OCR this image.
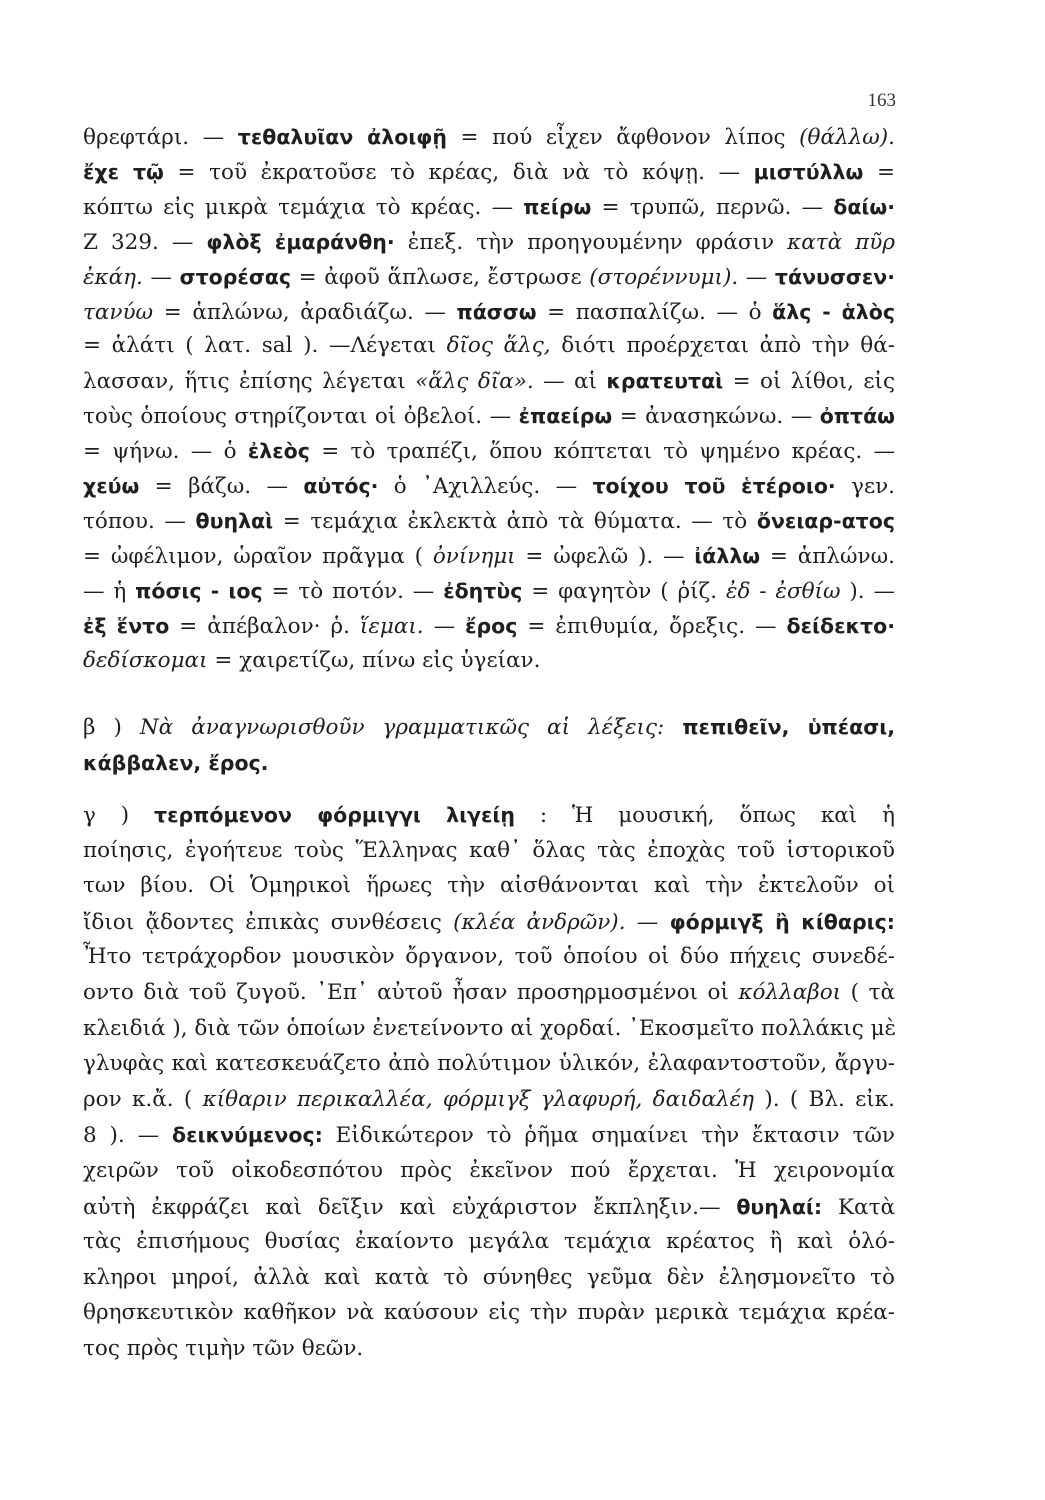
163
θρεφτάρι. — τεθαλυῖαν ἀλοιφῇ = πού εἶχεν ἄφθονον λίπος (θάλλω).
ἔχε τῷ = τοῦ ἐκρατοῦσε τὸ κρέας, διὰ νὰ τὸ κόψῃ. — μιστύλλω =
κόπτω εἰς μικρὰ τεμάχια τὸ κρέας. — πείρω = τρυπῶ, περνῶ. — δαίω·
Ζ 329. — φλὸξ ἐμαράνθη· ἐπεξ. τὴν προηγουμένην φράσιν κατὰ πῦρ
ἐκάη. — στορέσας = ἀφοῦ ἅπλωσε, ἔστρωσε (στορέννυμι). — τάνυσσεν·
τανύω = ἁπλώνω, ἀραδιάζω. — πάσσω = πασπαλίζω. — ὁ ἅλς - ἁλὸς
= ἁλάτι ( λατ. sal ). —Λέγεται δῖος ἅλς, διότι προέρχεται ἀπὸ τὴν θά-
λασσαν, ἥτις ἐπίσης λέγεται «ἅλς δῖα». — αἱ κρατευταὶ = οἱ λίθοι, εἰς
τοὺς ὁποίους στηρίζονται οἱ ὀβελοί. — ἐπαείρω = ἀνασηκώνω. — ὀπτάω
= ψήνω. — ὁ ἐλεὸς = τὸ τραπέζι, ὅπου κόπτεται τὸ ψημένο κρέας. —
χεύω = βάζω. — αὐτός· ὁ ᾿Αχιλλεύς. — τοίχου τοῦ ἑτέροιο· γεν.
τόπου. — θυηλαὶ = τεμάχια ἐκλεκτὰ ἀπὸ τὰ θύματα. — τὸ ὄνειαρ-ατος
= ὠφέλιμον, ὡραῖον πρᾶγμα ( ὀνίνημι = ὠφελῶ ). — ἰάλλω = ἁπλώνω.
— ἡ πόσις - ιος = τὸ ποτόν. — ἐδητὺς = φαγητὸν ( ῥίζ. ἐδ - ἐσθίω ). —
ἐξ ἕντο = ἀπέβαλον· ῥ. ἵεμαι. — ἔρος = ἐπιθυμία, ὄρεξις. — δείδεκτο·
δεδίσκομαι = χαιρετίζω, πίνω εἰς ὑγείαν.
β ) Νὰ ἀναγνωρισθοῦν γραμματικῶς αἱ λέξεις: πεπιθεῖν, ὑπέασι,
κάββαλεν, ἔρος.
γ ) τερπόμενον φόρμιγγι λιγείῃ : Ἡ μουσική, ὅπως καὶ ἡ
ποίησις, ἐγοήτευε τοὺς Ἕλληνας καθ᾿ ὅλας τὰς ἐποχὰς τοῦ ἱστορικοῦ
των βίου. Οἱ Ὁμηρικοὶ ἥρωες τὴν αἰσθάνονται καὶ τὴν ἐκτελοῦν οἱ
ἴδιοι ᾄδοντες ἐπικὰς συνθέσεις (κλέα ἀνδρῶν). — φόρμιγξ ἢ κίθαρις:
Ἦτο τετράχορδον μουσικὸν ὄργανον, τοῦ ὁποίου οἱ δύο πήχεις συνεδέ-
οντο διὰ τοῦ ζυγοῦ. ᾿Επ᾿ αὐτοῦ ἦσαν προσηρμοσμένοι οἱ κόλλαβοι ( τὰ
κλειδιά ), διὰ τῶν ὁποίων ἐνετείνοντο αἱ χορδαί. ᾿Εκοσμεῖτο πολλάκις μὲ
γλυφὰς καὶ κατεσκευάζετο ἀπὸ πολύτιμον ὑλικόν, ἐλαφαντοστοῦν, ἄργυ-
ρον κ.ἄ. ( κίθαριν περικαλλέα, φόρμιγξ γλαφυρή, δαιδαλέη ). ( Βλ. εἰκ.
8 ). — δεικνύμενος: Εἰδικώτερον τὸ ῥῆμα σημαίνει τὴν ἔκτασιν τῶν
χειρῶν τοῦ οἰκοδεσπότου πρὸς ἐκεῖνον πού ἔρχεται. Ἡ χειρονομία
αὐτὴ ἐκφράζει καὶ δεῖξιν καὶ εὐχάριστον ἔκπληξιν.— θυηλαί: Κατὰ
τὰς ἐπισήμους θυσίας ἐκαίοντο μεγάλα τεμάχια κρέατος ἢ καὶ ὁλό-
κληροι μηροί, ἀλλὰ καὶ κατὰ τὸ σύνηθες γεῦμα δὲν ἐλησμονεῖτο τὸ
θρησκευτικὸν καθῆκον νὰ καύσουν εἰς τὴν πυρὰν μερικὰ τεμάχια κρέα-
τος πρὸς τιμὴν τῶν θεῶν.
